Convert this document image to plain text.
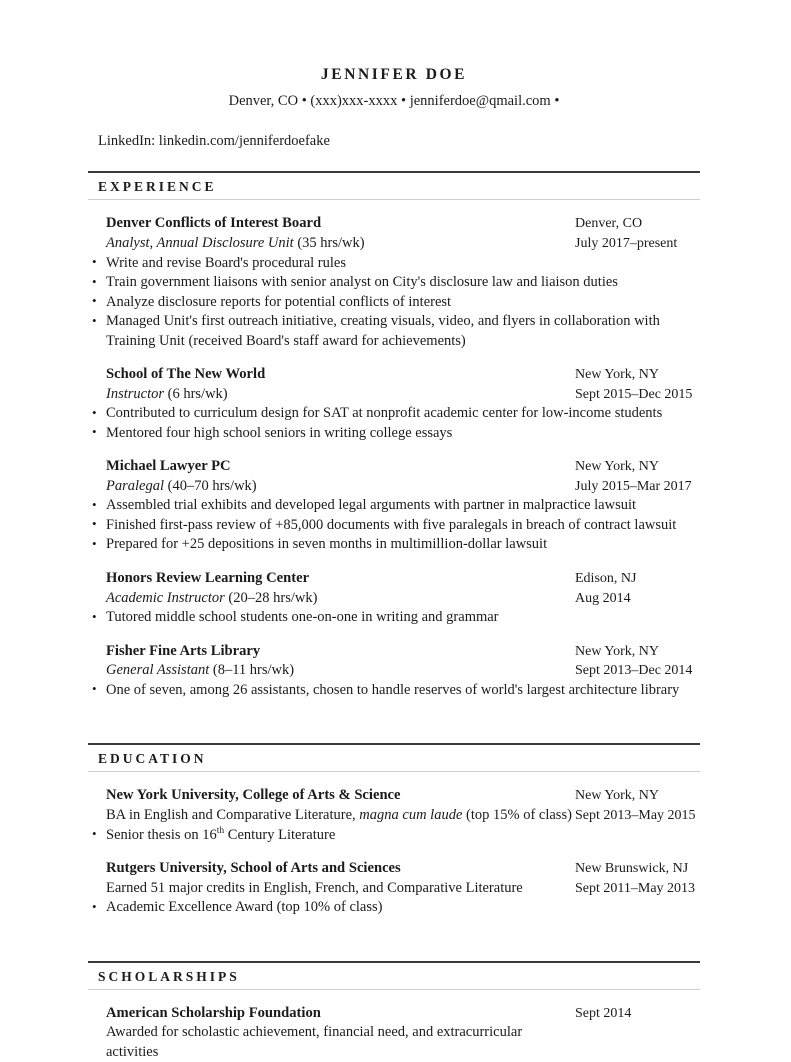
JENNIFER DOE
Denver, CO • (xxx)xxx-xxxx • jenniferdoe@qmail.com •
LinkedIn: linkedin.com/jenniferdoefake
EXPERIENCE
Denver Conflicts of Interest Board	Denver, CO
Analyst, Annual Disclosure Unit (35 hrs/wk)	July 2017–present
• Write and revise Board's procedural rules
• Train government liaisons with senior analyst on City's disclosure law and liaison duties
• Analyze disclosure reports for potential conflicts of interest
• Managed Unit's first outreach initiative, creating visuals, video, and flyers in collaboration with Training Unit (received Board's staff award for achievements)
School of The New World	New York, NY
Instructor (6 hrs/wk)	Sept 2015–Dec 2015
• Contributed to curriculum design for SAT at nonprofit academic center for low-income students
• Mentored four high school seniors in writing college essays
Michael Lawyer PC	New York, NY
Paralegal (40–70 hrs/wk)	July 2015–Mar 2017
• Assembled trial exhibits and developed legal arguments with partner in malpractice lawsuit
• Finished first-pass review of +85,000 documents with five paralegals in breach of contract lawsuit
• Prepared for +25 depositions in seven months in multimillion-dollar lawsuit
Honors Review Learning Center	Edison, NJ
Academic Instructor (20–28 hrs/wk)	Aug 2014
• Tutored middle school students one-on-one in writing and grammar
Fisher Fine Arts Library	New York, NY
General Assistant (8–11 hrs/wk)	Sept 2013–Dec 2014
• One of seven, among 26 assistants, chosen to handle reserves of world's largest architecture library
EDUCATION
New York University, College of Arts & Science	New York, NY
BA in English and Comparative Literature, magna cum laude (top 15% of class) Sept 2013–May 2015
• Senior thesis on 16th Century Literature
Rutgers University, School of Arts and Sciences	New Brunswick, NJ
Earned 51 major credits in English, French, and Comparative Literature	Sept 2011–May 2013
• Academic Excellence Award (top 10% of class)
SCHOLARSHIPS
American Scholarship Foundation	Sept 2014
Awarded for scholastic achievement, financial need, and extracurricular activities
